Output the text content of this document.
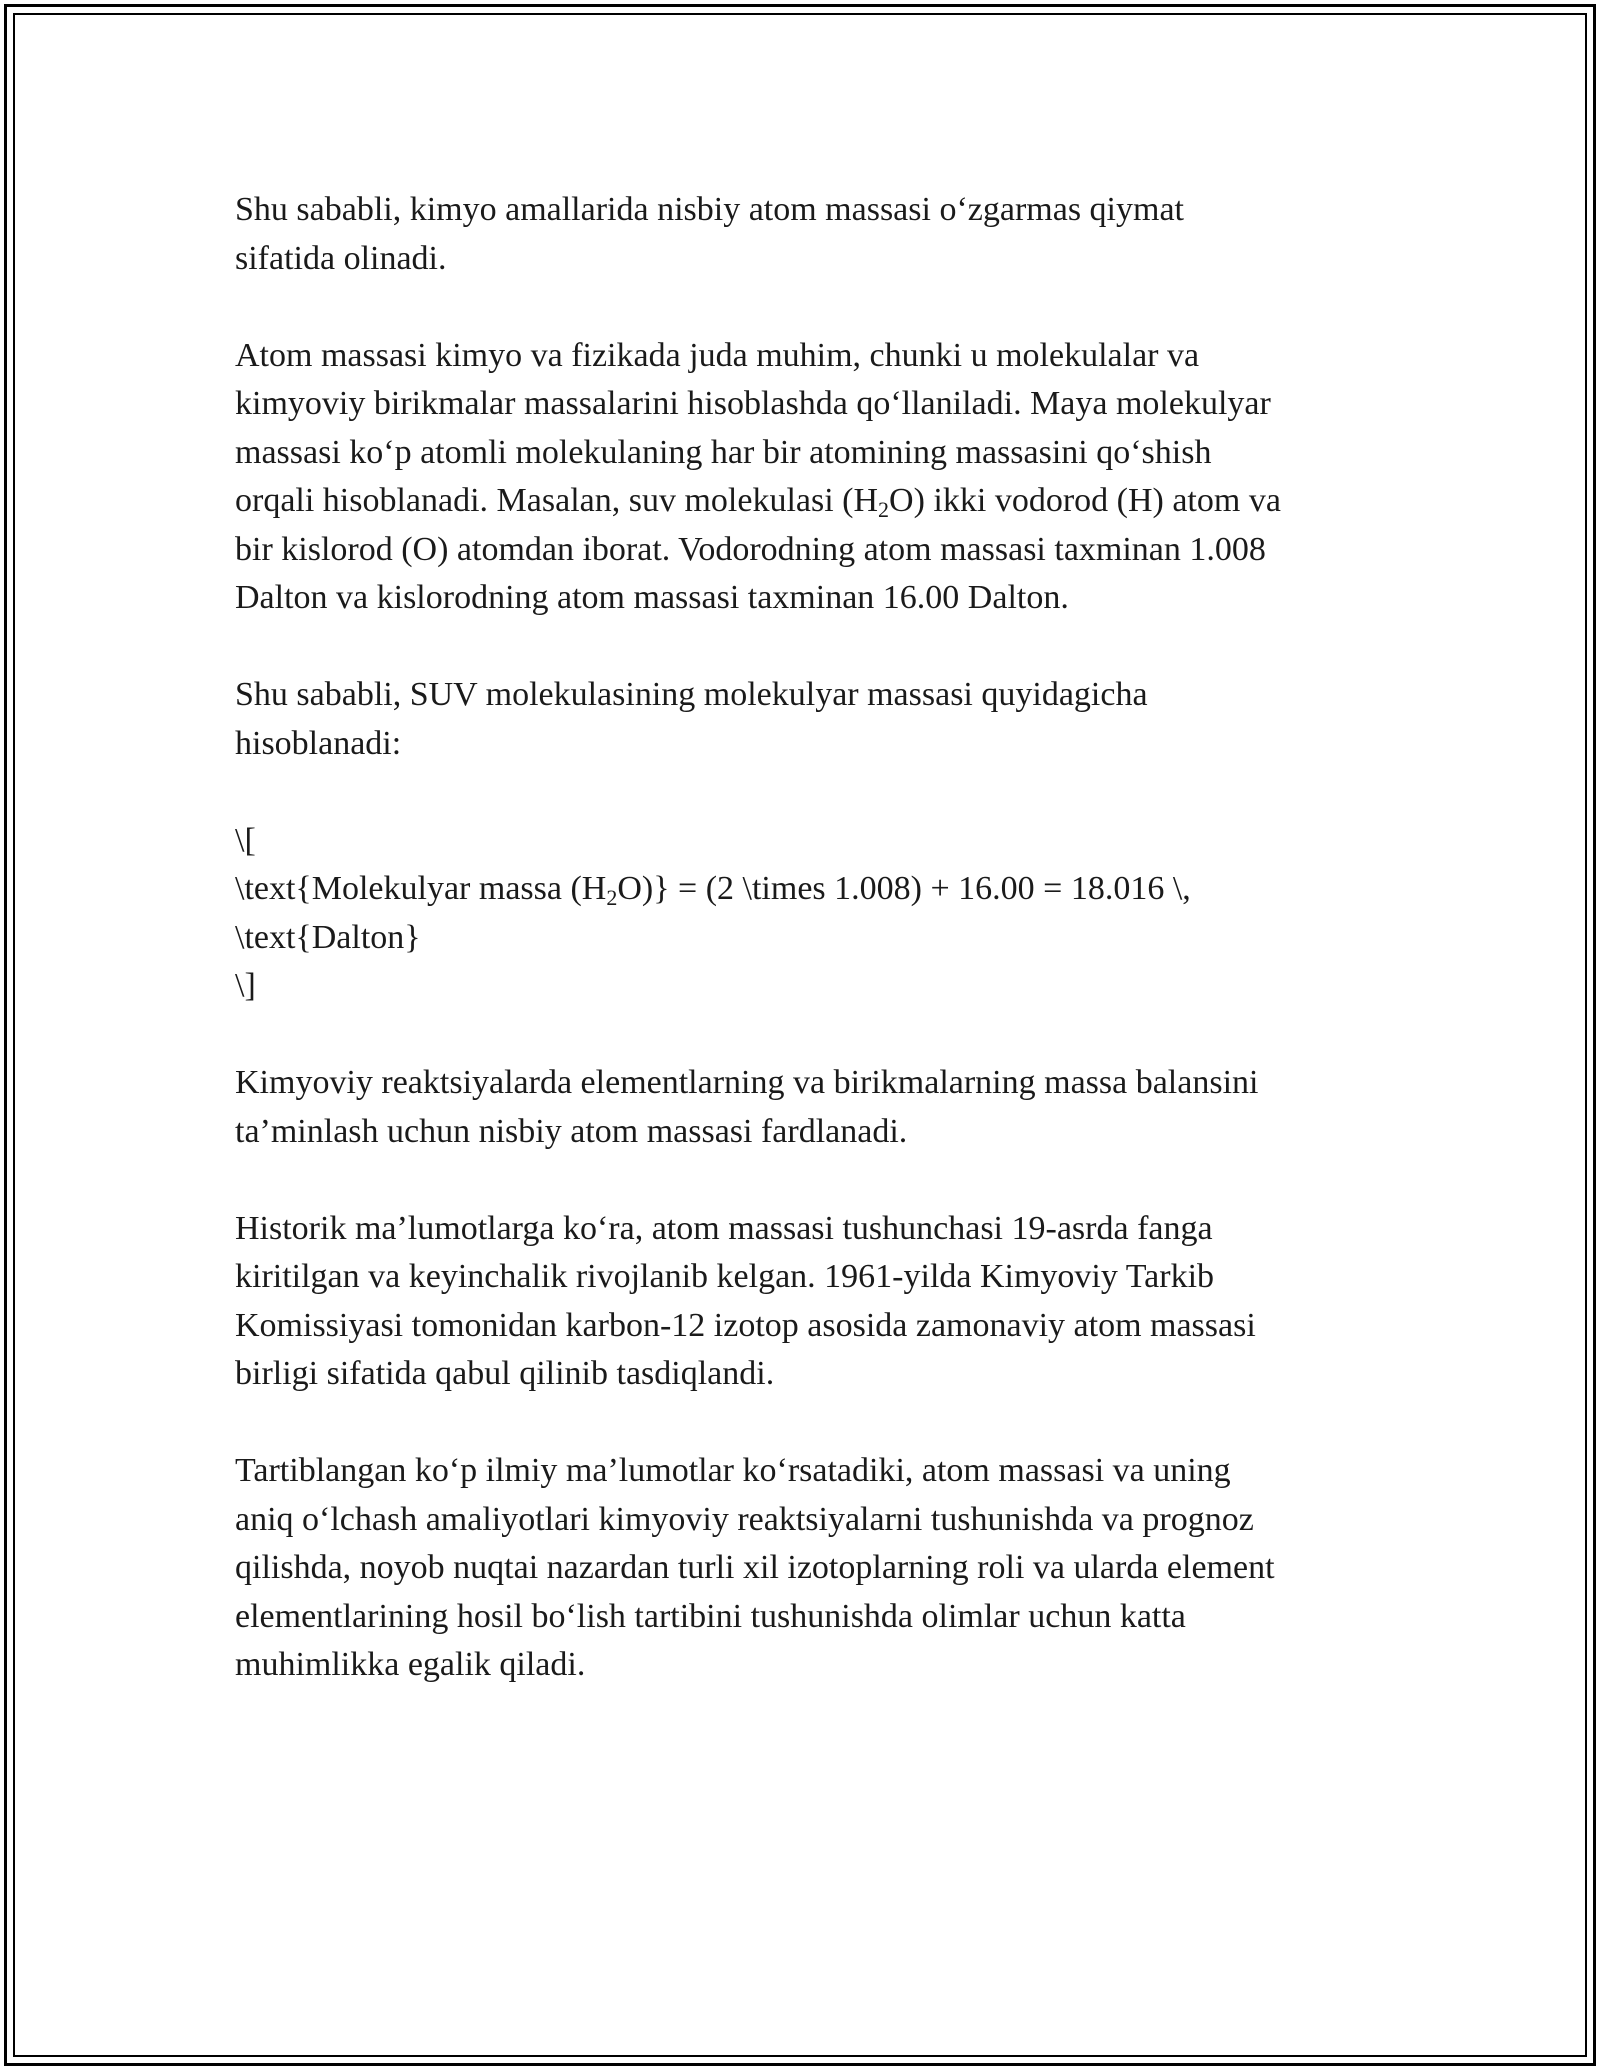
Shu sababli, kimyo amallarida nisbiy atom massasi o‘zgarmas qiymat
sifatida olinadi.

Atom massasi kimyo va fizikada juda muhim, chunki u molekulalar va
kimyoviy birikmalar massalarini hisoblashda qo‘llaniladi. Maya molekulyar
massasi ko‘p atomli molekulaning har bir atomining massasini qo‘shish
orqali hisoblanadi. Masalan, suv molekulasi $(H_2O)$ ikki vodorod (H) atom va
bir kislorod (O) atomdan iborat. Vodorodning atom massasi taxminan 1.008
Dalton va kislorodning atom massasi taxminan 16.00 Dalton.

Shu sababli, SUV molekulasining molekulyar massasi quyidagicha
hisoblanadi:

\[
\text{Molekulyar massa $(H_2O)\} = (2$ \times 1.008) + 16.00 = 18.016 \,
\text{Dalton}
\]

Kimyoviy reaktsiyalarda elementlarning va birikmalarning massa balansini
ta’minlash uchun nisbiy atom massasi fardlanadi.

Historik ma’lumotlarga ko‘ra, atom massasi tushunchasi 19-asrda fanga
kiritilgan va keyinchalik rivojlanib kelgan. 1961-yilda Kimyoviy Tarkib
Komissiyasi tomonidan karbon-12 izotop asosida zamonaviy atom massasi
birligi sifatida qabul qilinib tasdiqlandi.

Tartiblangan ko‘p ilmiy ma’lumotlar ko‘rsatadiki, atom massasi va uning
aniq o‘lchash amaliyotlari kimyoviy reaktsiyalarni tushunishda va prognoz
qilishda, noyob nuqtai nazardan turli xil izotoplarning roli va ularda element
elementlarining hosil bo‘lish tartibini tushunishda olimlar uchun katta
muhimlikka egalik qiladi.
